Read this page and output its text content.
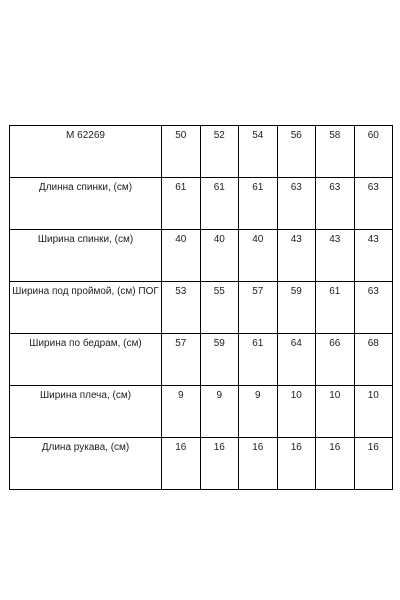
М 62269	50	52	54	56	58	60
Длинна спинки, (см)	61	61	61	63	63	63
Ширина спинки, (см)	40	40	40	43	43	43
Ширина под проймой, (см) ПОГ	53	55	57	59	61	63
Ширина по бедрам, (см)	57	59	61	64	66	68
Ширина плеча, (см)	9	9	9	10	10	10
Длина рукава, (см)	16	16	16	16	16	16
